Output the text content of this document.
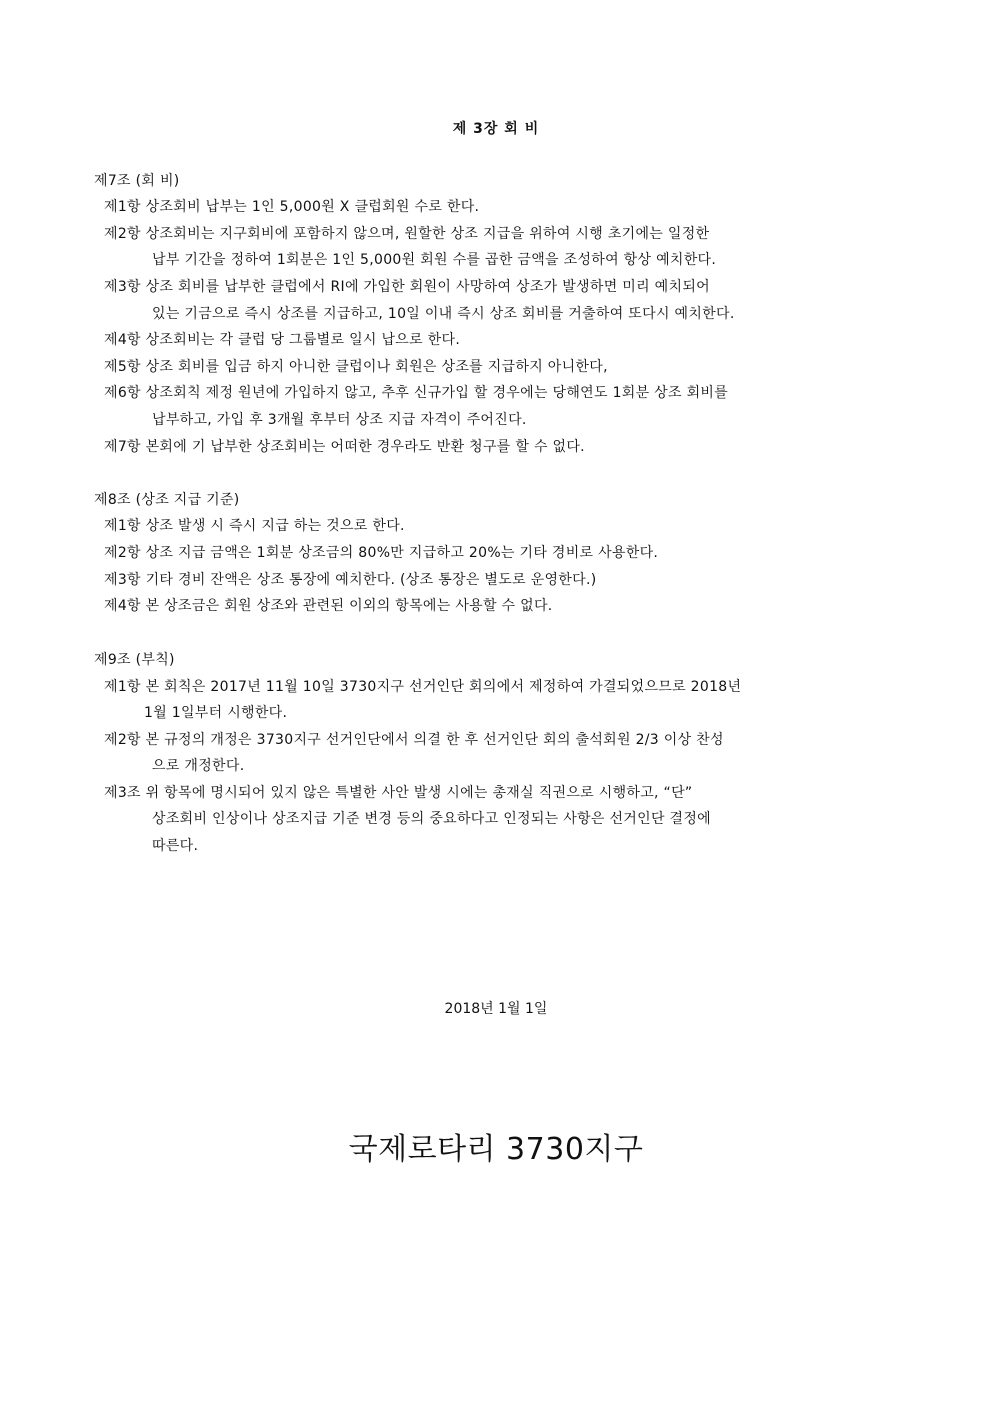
제 3장 회 비
제7조 (회 비)
제1항 상조회비 납부는 1인 5,000원 X 클럽회원 수로 한다.
제2항 상조회비는 지구회비에 포함하지 않으며, 원할한 상조 지급을 위하여 시행 초기에는 일정한
납부 기간을 정하여 1회분은 1인 5,000원 회원 수를 곱한 금액을 조성하여 항상 예치한다.
제3항 상조 회비를 납부한 클럽에서 RI에 가입한 회원이 사망하여 상조가 발생하면 미리 예치되어
있는 기금으로 즉시 상조를 지급하고, 10일 이내 즉시 상조 회비를 거출하여 또다시 예치한다.
제4항 상조회비는 각 클럽 당 그룹별로 일시 납으로 한다.
제5항 상조 회비를 입금 하지 아니한 클럽이나 회원은 상조를 지급하지 아니한다,
제6항 상조회칙 제정 원년에 가입하지 않고, 추후 신규가입 할 경우에는 당해연도 1회분 상조 회비를
납부하고, 가입 후 3개월 후부터 상조 지급 자격이 주어진다.
제7항 본회에 기 납부한 상조회비는 어떠한 경우라도 반환 청구를 할 수 없다.
제8조 (상조 지급 기준)
제1항 상조 발생 시 즉시 지급 하는 것으로 한다.
제2항 상조 지급 금액은 1회분 상조금의 80%만 지급하고 20%는 기타 경비로 사용한다.
제3항 기타 경비 잔액은 상조 통장에 예치한다. (상조 통장은 별도로 운영한다.)
제4항 본 상조금은 회원 상조와 관련된 이외의 항목에는 사용할 수 없다.
제9조 (부칙)
제1항 본 회칙은 2017년 11월 10일 3730지구 선거인단 회의에서 제정하여 가결되었으므로 2018년
1월 1일부터 시행한다.
제2항 본 규정의 개정은 3730지구 선거인단에서 의결 한 후 선거인단 회의 출석회원 2/3 이상 찬성
으로 개정한다.
제3조 위 항목에 명시되어 있지 않은 특별한 사안 발생 시에는 총재실 직권으로 시행하고, “단”
상조회비 인상이나 상조지급 기준 변경 등의 중요하다고 인정되는 사항은 선거인단 결정에
따른다.
2018년 1월 1일
국제로타리 3730지구
